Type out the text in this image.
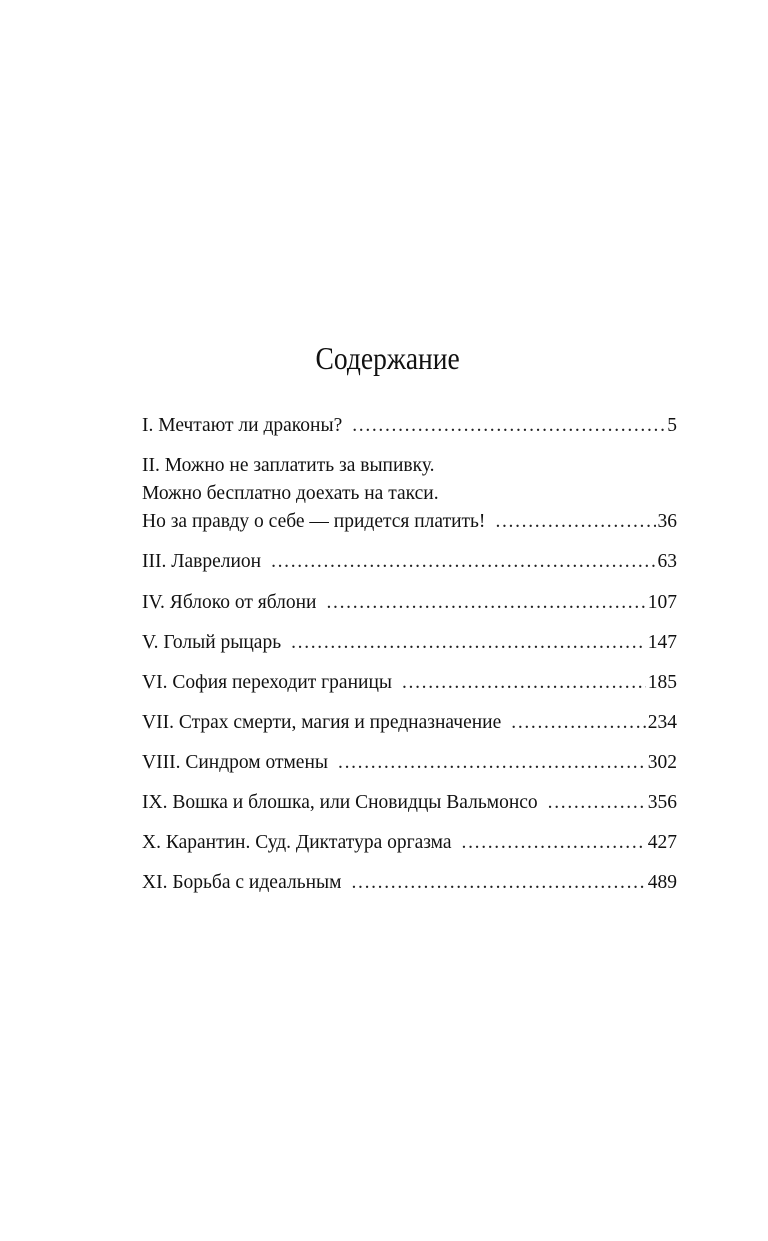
Содержание
I. Мечтают ли драконы? . . .	5
II. Можно не заплатить за выпивку.
Можно бесплатно доехать на такси.
Но за правду о себе — придется платить! . . .	36
III. Лаврелион . . .	63
IV. Яблоко от яблони . . .	107
V. Голый рыцарь . . .	147
VI. София переходит границы . . .	185
VII. Страх смерти, магия и предназначение . . .	234
VIII. Синдром отмены . . .	302
IX. Вошка и блошка, или Сновидцы Вальмонсо . . .	356
X. Карантин. Суд. Диктатура оргазма . . .	427
XI. Борьба с идеальным . . .	489
